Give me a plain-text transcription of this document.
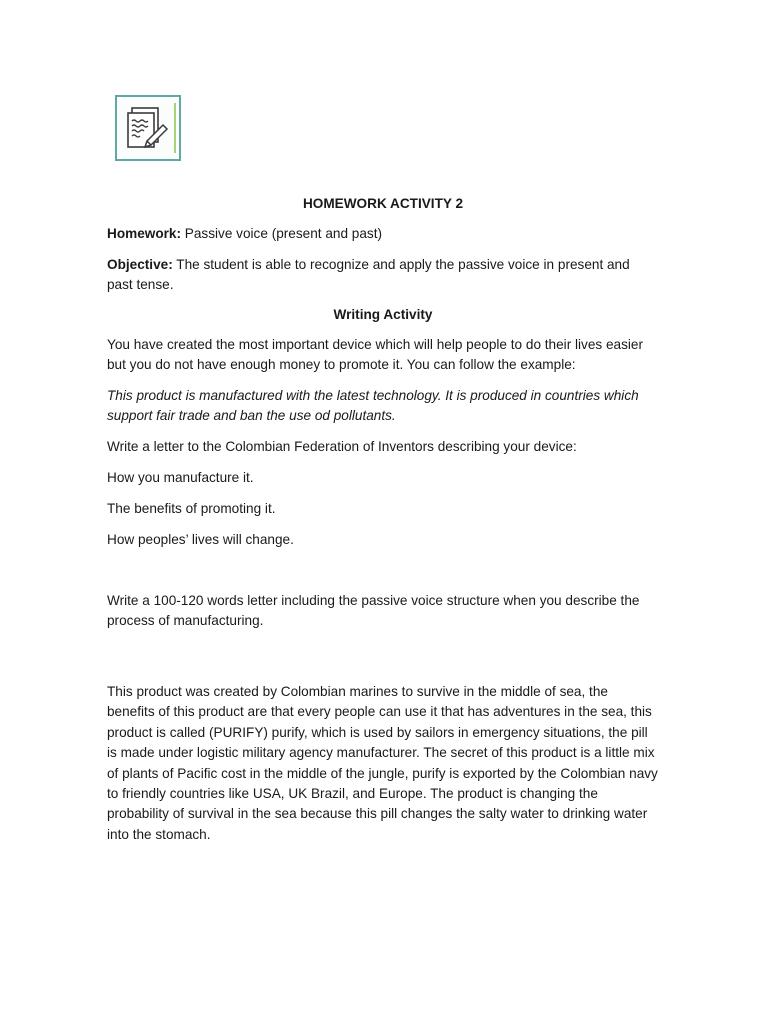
HOMEWORK ACTIVITY 2

Homework: Passive voice (present and past)

Objective: The student is able to recognize and apply the passive voice in present and past tense.

Writing Activity

You have created the most important device which will help people to do their lives easier but you do not have enough money to promote it. You can follow the example:

This product is manufactured with the latest technology. It is produced in countries which support fair trade and ban the use od pollutants.

Write a letter to the Colombian Federation of Inventors describing your device:

How you manufacture it.

The benefits of promoting it.

How peoples’ lives will change.

Write a 100-120 words letter including the passive voice structure when you describe the process of manufacturing.

This product was created by Colombian marines to survive in the middle of sea, the benefits of this product are that every people can use it that has adventures in the sea, this product is called (PURIFY) purify, which is used by sailors in emergency situations, the pill is made under logistic military agency manufacturer. The secret of this product is a little mix of plants of Pacific cost in the middle of the jungle, purify is exported by the Colombian navy to friendly countries like USA, UK Brazil, and Europe. The product is changing the probability of survival in the sea because this pill changes the salty water to drinking water into the stomach.
